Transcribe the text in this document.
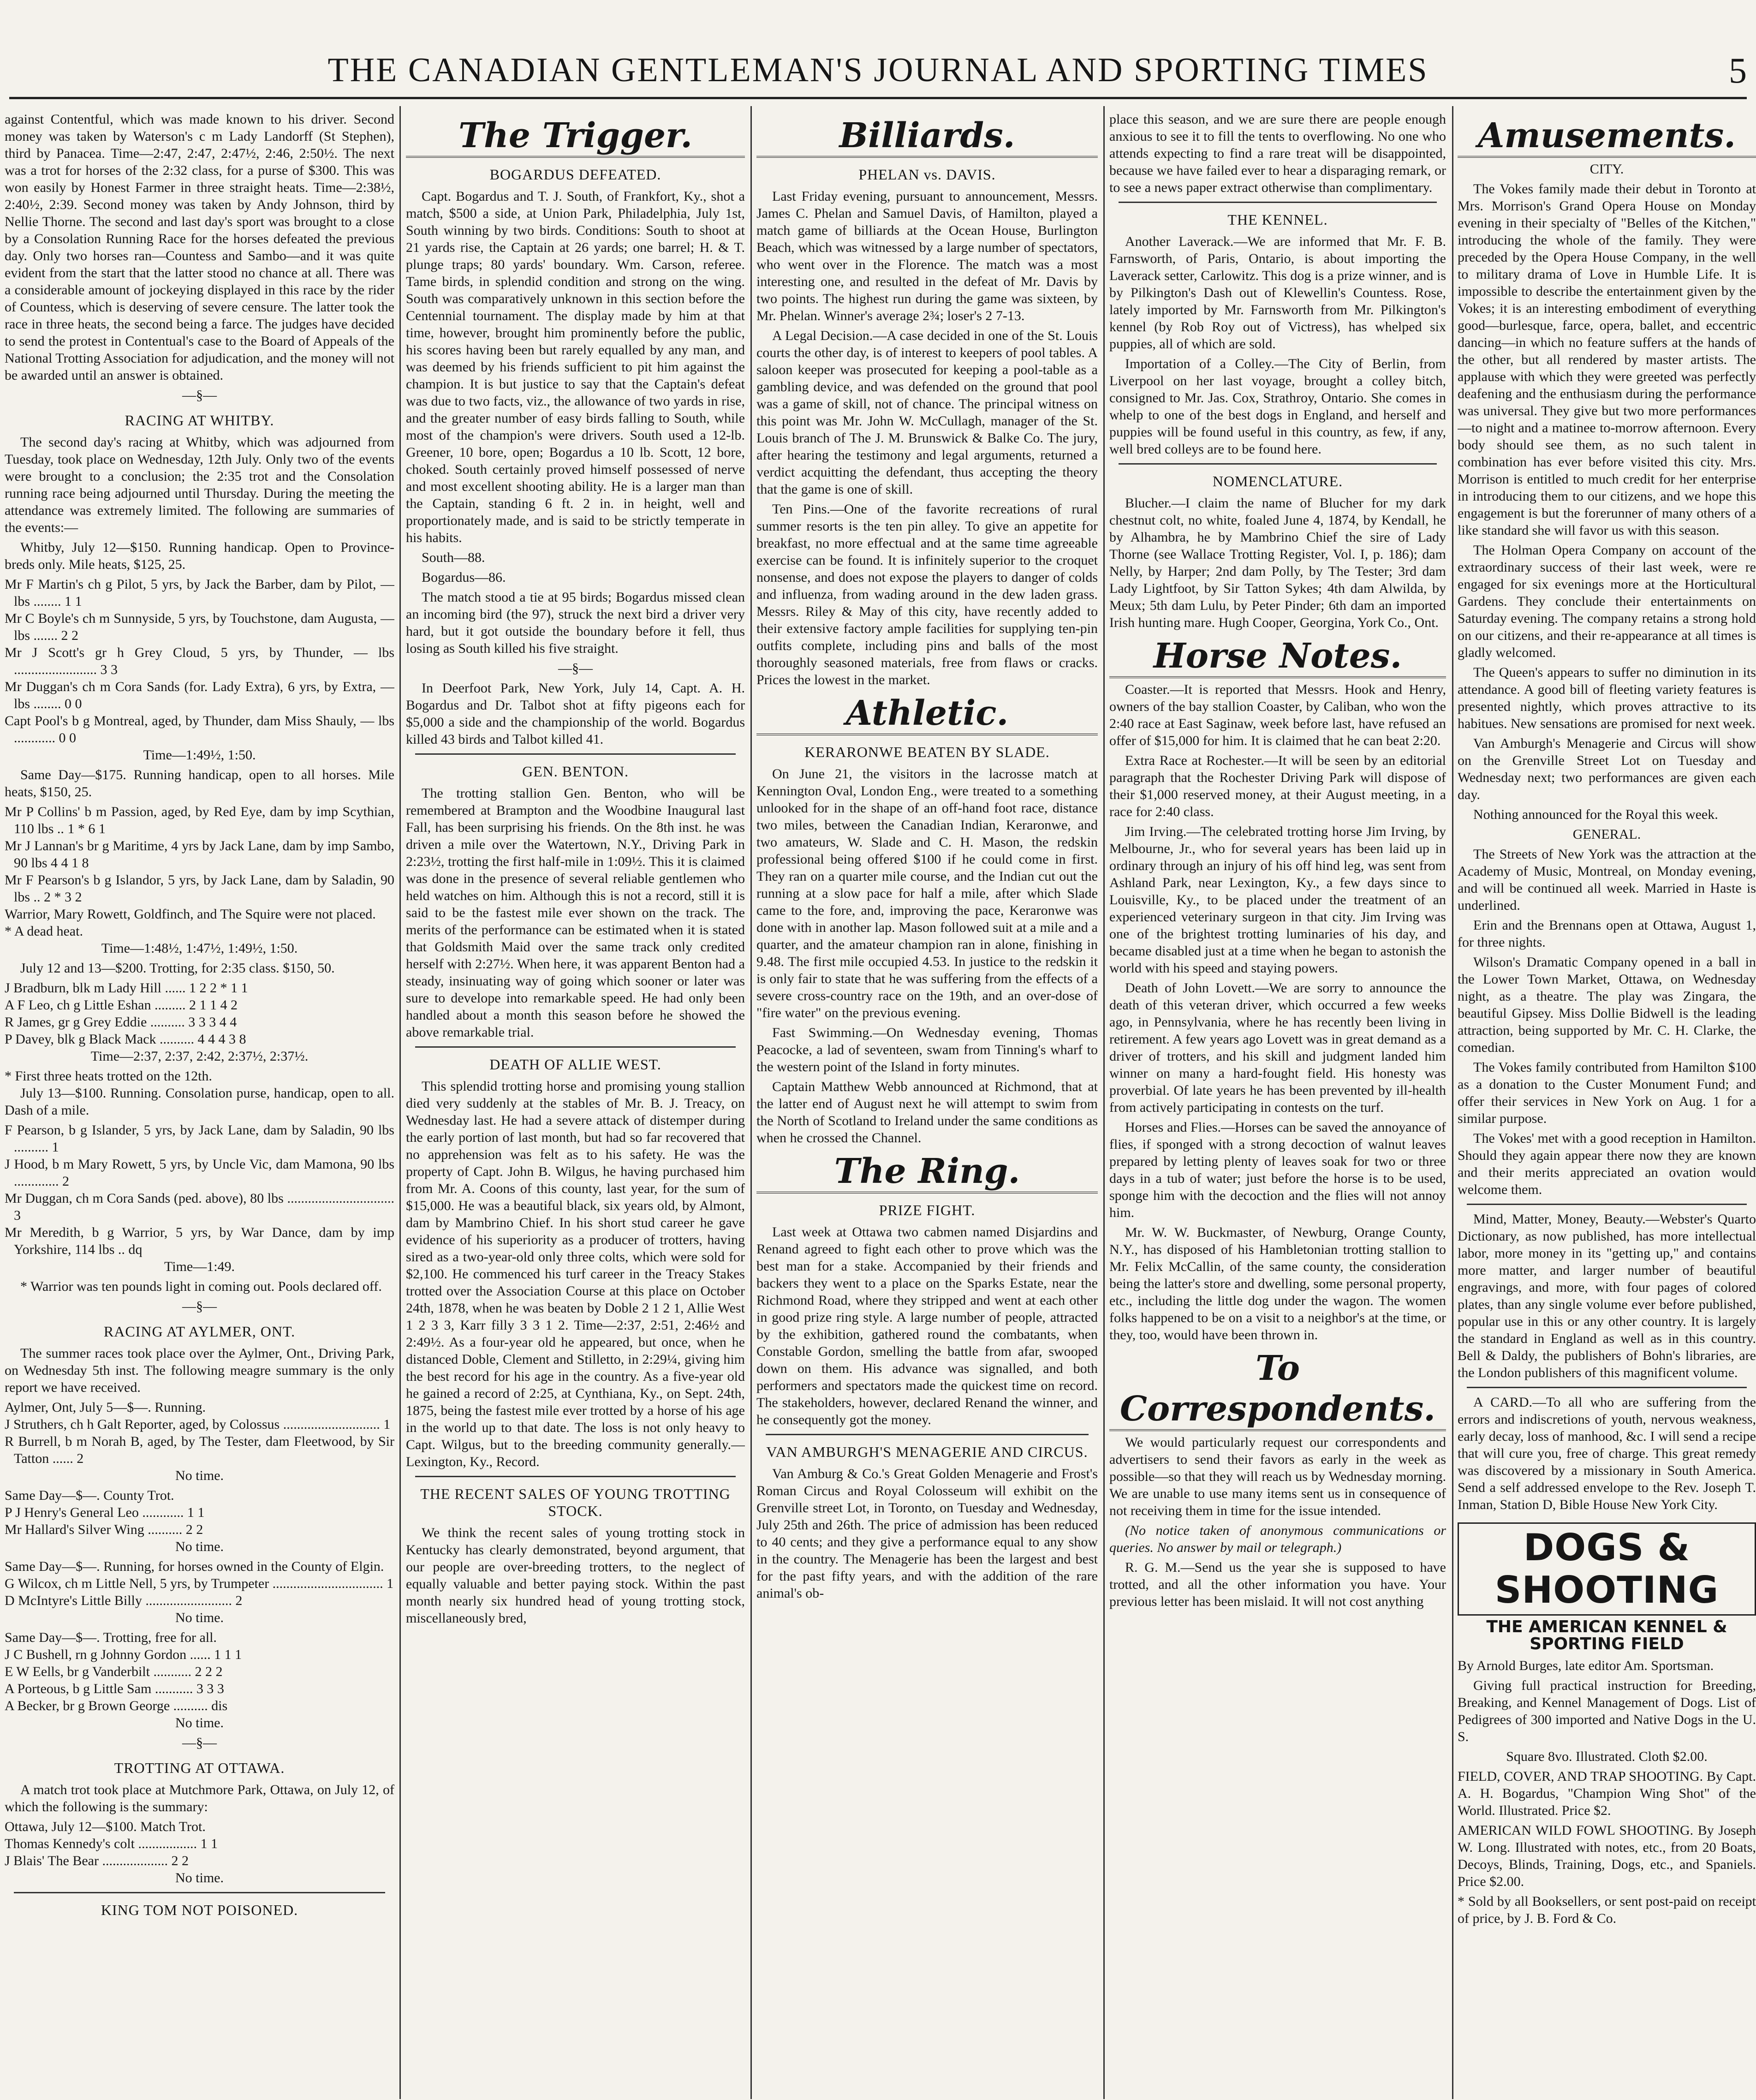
THE CANADIAN GENTLEMAN'S JOURNAL AND SPORTING TIMES	5

against Contentful, which was made known to his driver. Second money was taken by Waterson's c m Lady Landorff (St Stephen), third by Panacea. Time—2:47, 2:47, 2:47½, 2:46, 2:50½. The next was a trot for horses of the 2:32 class, for a purse of $300. This was won easily by Honest Farmer in three straight heats. Time—2:38½, 2:40½, 2:39. Second money was taken by Andy Johnson, third by Nellie Thorne. The second and last day's sport was brought to a close by a Consolation Running Race for the horses defeated the previous day. Only two horses ran—Countess and Sambo—and it was quite evident from the start that the latter stood no chance at all. There was a considerable amount of jockeying displayed in this race by the rider of Countess, which is deserving of severe censure. The latter took the race in three heats, the second being a farce. The judges have decided to send the protest in Contentual's case to the Board of Appeals of the National Trotting Association for adjudication, and the money will not be awarded until an answer is obtained.

—§—
RACING AT WHITBY.

The second day's racing at Whitby, which was adjourned from Tuesday, took place on Wednesday, 12th July. Only two of the events were brought to a conclusion; the 2:35 trot and the Consolation running race being adjourned until Thursday. During the meeting the attendance was extremely limited. The following are summaries of the events:—

Whitby, July 12—$150. Running handicap. Open to Province-breds only. Mile heats, $125, 25.

Mr F Martin's ch g Pilot, 5 yrs, by Jack the Barber, dam by Pilot, — lbs ........ 1 1

Mr C Boyle's ch m Sunnyside, 5 yrs, by Touchstone, dam Augusta, — lbs ....... 2 2

Mr J Scott's gr h Grey Cloud, 5 yrs, by Thunder, — lbs ........................ 3 3

Mr Duggan's ch m Cora Sands (for. Lady Extra), 6 yrs, by Extra, — lbs ........ 0 0

Capt Pool's b g Montreal, aged, by Thunder, dam Miss Shauly, — lbs ............ 0 0

Time—1:49½, 1:50.

Same Day—$175. Running handicap, open to all horses. Mile heats, $150, 25.

Mr P Collins' b m Passion, aged, by Red Eye, dam by imp Scythian, 110 lbs .. 1 * 6 1

Mr J Lannan's br g Maritime, 4 yrs by Jack Lane, dam by imp Sambo, 90 lbs 4 4 1 8

Mr F Pearson's b g Islandor, 5 yrs, by Jack Lane, dam by Saladin, 90 lbs .. 2 * 3 2

Warrior, Mary Rowett, Goldfinch, and The Squire were not placed.

* A dead heat.

Time—1:48½, 1:47½, 1:49½, 1:50.

July 12 and 13—$200. Trotting, for 2:35 class. $150, 50.

J Bradburn, blk m Lady Hill ...... 1 2 2 * 1 1

A F Leo, ch g Little Eshan ......... 2 1 1 4 2

R James, gr g Grey Eddie .......... 3 3 3 4 4

P Davey, blk g Black Mack .......... 4 4 4 3 8

Time—2:37, 2:37, 2:42, 2:37½, 2:37½.

* First three heats trotted on the 12th.

July 13—$100. Running. Consolation purse, handicap, open to all. Dash of a mile.

F Pearson, b g Islander, 5 yrs, by Jack Lane, dam by Saladin, 90 lbs .......... 1

J Hood, b m Mary Rowett, 5 yrs, by Uncle Vic, dam Mamona, 90 lbs ............. 2

Mr Duggan, ch m Cora Sands (ped. above), 80 lbs ............................... 3

Mr Meredith, b g Warrior, 5 yrs, by War Dance, dam by imp Yorkshire, 114 lbs .. dq

Time—1:49.

* Warrior was ten pounds light in coming out. Pools declared off.

—§—
RACING AT AYLMER, ONT.

The summer races took place over the Aylmer, Ont., Driving Park, on Wednesday 5th inst. The following meagre summary is the only report we have received.

Aylmer, Ont, July 5—$—. Running.

J Struthers, ch h Galt Reporter, aged, by Colossus ............................ 1

R Burrell, b m Norah B, aged, by The Tester, dam Fleetwood, by Sir Tatton ...... 2

No time.

Same Day—$—. County Trot.

P J Henry's General Leo ............ 1 1

Mr Hallard's Silver Wing .......... 2 2

No time.

Same Day—$—. Running, for horses owned in the County of Elgin.

G Wilcox, ch m Little Nell, 5 yrs, by Trumpeter ................................ 1

D McIntyre's Little Billy ......................... 2

No time.

Same Day—$—. Trotting, free for all.

J C Bushell, rn g Johnny Gordon ...... 1 1 1

E W Eells, br g Vanderbilt ........... 2 2 2

A Porteous, b g Little Sam ........... 3 3 3

A Becker, br g Brown George .......... dis

No time.

—§—
TROTTING AT OTTAWA.

A match trot took place at Mutchmore Park, Ottawa, on July 12, of which the following is the summary:

Ottawa, July 12—$100. Match Trot.

Thomas Kennedy's colt ................. 1 1

J Blais' The Bear ................... 2 2

No time.

KING TOM NOT POISONED.
The Trigger.
BOGARDUS DEFEATED.

Capt. Bogardus and T. J. South, of Frankfort, Ky., shot a match, $500 a side, at Union Park, Philadelphia, July 1st, South winning by two birds. Conditions: South to shoot at 21 yards rise, the Captain at 26 yards; one barrel; H. & T. plunge traps; 80 yards' boundary. Wm. Carson, referee. Tame birds, in splendid condition and strong on the wing. South was comparatively unknown in this section before the Centennial tournament. The display made by him at that time, however, brought him prominently before the public, his scores having been but rarely equalled by any man, and was deemed by his friends sufficient to pit him against the champion. It is but justice to say that the Captain's defeat was due to two facts, viz., the allowance of two yards in rise, and the greater number of easy birds falling to South, while most of the champion's were drivers. South used a 12-lb. Greener, 10 bore, open; Bogardus a 10 lb. Scott, 12 bore, choked. South certainly proved himself possessed of nerve and most excellent shooting ability. He is a larger man than the Captain, standing 6 ft. 2 in. in height, well and proportionately made, and is said to be strictly temperate in his habits.

South—88.

Bogardus—86.

The match stood a tie at 95 birds; Bogardus missed clean an incoming bird (the 97), struck the next bird a driver very hard, but it got outside the boundary before it fell, thus losing as South killed his five straight.

—§—

In Deerfoot Park, New York, July 14, Capt. A. H. Bogardus and Dr. Talbot shot at fifty pigeons each for $5,000 a side and the championship of the world. Bogardus killed 43 birds and Talbot killed 41.

GEN. BENTON.

The trotting stallion Gen. Benton, who will be remembered at Brampton and the Woodbine Inaugural last Fall, has been surprising his friends. On the 8th inst. he was driven a mile over the Watertown, N.Y., Driving Park in 2:23½, trotting the first half-mile in 1:09½. This it is claimed was done in the presence of several reliable gentlemen who held watches on him. Although this is not a record, still it is said to be the fastest mile ever shown on the track. The merits of the performance can be estimated when it is stated that Goldsmith Maid over the same track only credited herself with 2:27½. When here, it was apparent Benton had a steady, insinuating way of going which sooner or later was sure to develope into remarkable speed. He had only been handled about a month this season before he showed the above remarkable trial.

DEATH OF ALLIE WEST.

This splendid trotting horse and promising young stallion died very suddenly at the stables of Mr. B. J. Treacy, on Wednesday last. He had a severe attack of distemper during the early portion of last month, but had so far recovered that no apprehension was felt as to his safety. He was the property of Capt. John B. Wilgus, he having purchased him from Mr. A. Coons of this county, last year, for the sum of $15,000. He was a beautiful black, six years old, by Almont, dam by Mambrino Chief. In his short stud career he gave evidence of his superiority as a producer of trotters, having sired as a two-year-old only three colts, which were sold for $2,100. He commenced his turf career in the Treacy Stakes trotted over the Association Course at this place on October 24th, 1878, when he was beaten by Doble 2 1 2 1, Allie West 1 2 3 3, Karr filly 3 3 1 2. Time—2:37, 2:51, 2:46½ and 2:49½. As a four-year old he appeared, but once, when he distanced Doble, Clement and Stilletto, in 2:29¼, giving him the best record for his age in the country. As a five-year old he gained a record of 2:25, at Cynthiana, Ky., on Sept. 24th, 1875, being the fastest mile ever trotted by a horse of his age in the world up to that date. The loss is not only heavy to Capt. Wilgus, but to the breeding community generally.—Lexington, Ky., Record.

THE RECENT SALES OF YOUNG TROTTING STOCK.

We think the recent sales of young trotting stock in Kentucky has clearly demonstrated, beyond argument, that our people are over-breeding trotters, to the neglect of equally valuable and better paying stock. Within the past month nearly six hundred head of young trotting stock, miscellaneously bred,

Billiards.
PHELAN vs. DAVIS.

Last Friday evening, pursuant to announcement, Messrs. James C. Phelan and Samuel Davis, of Hamilton, played a match game of billiards at the Ocean House, Burlington Beach, which was witnessed by a large number of spectators, who went over in the Florence. The match was a most interesting one, and resulted in the defeat of Mr. Davis by two points. The highest run during the game was sixteen, by Mr. Phelan. Winner's average 2¾; loser's 2 7-13.

A Legal Decision.—A case decided in one of the St. Louis courts the other day, is of interest to keepers of pool tables. A saloon keeper was prosecuted for keeping a pool-table as a gambling device, and was defended on the ground that pool was a game of skill, not of chance. The principal witness on this point was Mr. John W. McCullagh, manager of the St. Louis branch of The J. M. Brunswick & Balke Co. The jury, after hearing the testimony and legal arguments, returned a verdict acquitting the defendant, thus accepting the theory that the game is one of skill.

Ten Pins.—One of the favorite recreations of rural summer resorts is the ten pin alley. To give an appetite for breakfast, no more effectual and at the same time agreeable exercise can be found. It is infinitely superior to the croquet nonsense, and does not expose the players to danger of colds and influenza, from wading around in the dew laden grass. Messrs. Riley & May of this city, have recently added to their extensive factory ample facilities for supplying ten-pin outfits complete, including pins and balls of the most thoroughly seasoned materials, free from flaws or cracks. Prices the lowest in the market.

Athletic.
KERARONWE BEATEN BY SLADE.

On June 21, the visitors in the lacrosse match at Kennington Oval, London Eng., were treated to a something unlooked for in the shape of an off-hand foot race, distance two miles, between the Canadian Indian, Keraronwe, and two amateurs, W. Slade and C. H. Mason, the redskin professional being offered $100 if he could come in first. They ran on a quarter mile course, and the Indian cut out the running at a slow pace for half a mile, after which Slade came to the fore, and, improving the pace, Keraronwe was done with in another lap. Mason followed suit at a mile and a quarter, and the amateur champion ran in alone, finishing in 9.48. The first mile occupied 4.53. In justice to the redskin it is only fair to state that he was suffering from the effects of a severe cross-country race on the 19th, and an over-dose of "fire water" on the previous evening.

Fast Swimming.—On Wednesday evening, Thomas Peacocke, a lad of seventeen, swam from Tinning's wharf to the western point of the Island in forty minutes.

Captain Matthew Webb announced at Richmond, that at the latter end of August next he will attempt to swim from the North of Scotland to Ireland under the same conditions as when he crossed the Channel.

The Ring.
PRIZE FIGHT.

Last week at Ottawa two cabmen named Disjardins and Renand agreed to fight each other to prove which was the best man for a stake. Accompanied by their friends and backers they went to a place on the Sparks Estate, near the Richmond Road, where they stripped and went at each other in good prize ring style. A large number of people, attracted by the exhibition, gathered round the combatants, when Constable Gordon, smelling the battle from afar, swooped down on them. His advance was signalled, and both performers and spectators made the quickest time on record. The stakeholders, however, declared Renand the winner, and he consequently got the money.

VAN AMBURGH'S MENAGERIE AND CIRCUS.

Van Amburg & Co.'s Great Golden Menagerie and Frost's Roman Circus and Royal Colosseum will exhibit on the Grenville street Lot, in Toronto, on Tuesday and Wednesday, July 25th and 26th. The price of admission has been reduced to 40 cents; and they give a performance equal to any show in the country. The Menagerie has been the largest and best for the past fifty years, and with the addition of the rare animal's ob-

place this season, and we are sure there are people enough anxious to see it to fill the tents to overflowing. No one who attends expecting to find a rare treat will be disappointed, because we have failed ever to hear a disparaging remark, or to see a news paper extract otherwise than complimentary.

THE KENNEL.

Another Laverack.—We are informed that Mr. F. B. Farnsworth, of Paris, Ontario, is about importing the Laverack setter, Carlowitz. This dog is a prize winner, and is by Pilkington's Dash out of Klewellin's Countess. Rose, lately imported by Mr. Farnsworth from Mr. Pilkington's kennel (by Rob Roy out of Victress), has whelped six puppies, all of which are sold.

Importation of a Colley.—The City of Berlin, from Liverpool on her last voyage, brought a colley bitch, consigned to Mr. Jas. Cox, Strathroy, Ontario. She comes in whelp to one of the best dogs in England, and herself and puppies will be found useful in this country, as few, if any, well bred colleys are to be found here.

NOMENCLATURE.

Blucher.—I claim the name of Blucher for my dark chestnut colt, no white, foaled June 4, 1874, by Kendall, he by Alhambra, he by Mambrino Chief the sire of Lady Thorne (see Wallace Trotting Register, Vol. I, p. 186); dam Nelly, by Harper; 2nd dam Polly, by The Tester; 3rd dam Lady Lightfoot, by Sir Tatton Sykes; 4th dam Alwilda, by Meux; 5th dam Lulu, by Peter Pinder; 6th dam an imported Irish hunting mare. Hugh Cooper, Georgina, York Co., Ont.

Horse Notes.

Coaster.—It is reported that Messrs. Hook and Henry, owners of the bay stallion Coaster, by Caliban, who won the 2:40 race at East Saginaw, week before last, have refused an offer of $15,000 for him. It is claimed that he can beat 2:20.

Extra Race at Rochester.—It will be seen by an editorial paragraph that the Rochester Driving Park will dispose of their $1,000 reserved money, at their August meeting, in a race for 2:40 class.

Jim Irving.—The celebrated trotting horse Jim Irving, by Melbourne, Jr., who for several years has been laid up in ordinary through an injury of his off hind leg, was sent from Ashland Park, near Lexington, Ky., a few days since to Louisville, Ky., to be placed under the treatment of an experienced veterinary surgeon in that city. Jim Irving was one of the brightest trotting luminaries of his day, and became disabled just at a time when he began to astonish the world with his speed and staying powers.

Death of John Lovett.—We are sorry to announce the death of this veteran driver, which occurred a few weeks ago, in Pennsylvania, where he has recently been living in retirement. A few years ago Lovett was in great demand as a driver of trotters, and his skill and judgment landed him winner on many a hard-fought field. His honesty was proverbial. Of late years he has been prevented by ill-health from actively participating in contests on the turf.

Horses and Flies.—Horses can be saved the annoyance of flies, if sponged with a strong decoction of walnut leaves prepared by letting plenty of leaves soak for two or three days in a tub of water; just before the horse is to be used, sponge him with the decoction and the flies will not annoy him.

Mr. W. W. Buckmaster, of Newburg, Orange County, N.Y., has disposed of his Hambletonian trotting stallion to Mr. Felix McCallin, of the same county, the consideration being the latter's store and dwelling, some personal property, etc., including the little dog under the wagon. The women folks happened to be on a visit to a neighbor's at the time, or they, too, would have been thrown in.

To Correspondents.

We would particularly request our correspondents and advertisers to send their favors as early in the week as possible—so that they will reach us by Wednesday morning. We are unable to use many items sent us in consequence of not receiving them in time for the issue intended.

(No notice taken of anonymous communications or queries. No answer by mail or telegraph.)

R. G. M.—Send us the year she is supposed to have trotted, and all the other information you have. Your previous letter has been mislaid. It will not cost anything

Amusements.

CITY.

The Vokes family made their debut in Toronto at Mrs. Morrison's Grand Opera House on Monday evening in their specialty of "Belles of the Kitchen," introducing the whole of the family. They were preceded by the Opera House Company, in the well to military drama of Love in Humble Life. It is impossible to describe the entertainment given by the Vokes; it is an interesting embodiment of everything good—burlesque, farce, opera, ballet, and eccentric dancing—in which no feature suffers at the hands of the other, but all rendered by master artists. The applause with which they were greeted was perfectly deafening and the enthusiasm during the performance was universal. They give but two more performances—to night and a matinee to-morrow afternoon. Every body should see them, as no such talent in combination has ever before visited this city. Mrs. Morrison is entitled to much credit for her enterprise in introducing them to our citizens, and we hope this engagement is but the forerunner of many others of a like standard she will favor us with this season.

The Holman Opera Company on account of the extraordinary success of their last week, were re engaged for six evenings more at the Horticultural Gardens. They conclude their entertainments on Saturday evening. The company retains a strong hold on our citizens, and their re-appearance at all times is gladly welcomed.

The Queen's appears to suffer no diminution in its attendance. A good bill of fleeting variety features is presented nightly, which proves attractive to its habitues. New sensations are promised for next week.

Van Amburgh's Menagerie and Circus will show on the Grenville Street Lot on Tuesday and Wednesday next; two performances are given each day.

Nothing announced for the Royal this week.

GENERAL.

The Streets of New York was the attraction at the Academy of Music, Montreal, on Monday evening, and will be continued all week. Married in Haste is underlined.

Erin and the Brennans open at Ottawa, August 1, for three nights.

Wilson's Dramatic Company opened in a ball in the Lower Town Market, Ottawa, on Wednesday night, as a theatre. The play was Zingara, the beautiful Gipsey. Miss Dollie Bidwell is the leading attraction, being supported by Mr. C. H. Clarke, the comedian.

The Vokes family contributed from Hamilton $100 as a donation to the Custer Monument Fund; and offer their services in New York on Aug. 1 for a similar purpose.

The Vokes' met with a good reception in Hamilton. Should they again appear there now they are known and their merits appreciated an ovation would welcome them.

Mind, Matter, Money, Beauty.—Webster's Quarto Dictionary, as now published, has more intellectual labor, more money in its "getting up," and contains more matter, and larger number of beautiful engravings, and more, with four pages of colored plates, than any single volume ever before published, popular use in this or any other country. It is largely the standard in England as well as in this country. Bell & Daldy, the publishers of Bohn's libraries, are the London publishers of this magnificent volume.

A CARD.—To all who are suffering from the errors and indiscretions of youth, nervous weakness, early decay, loss of manhood, &c. I will send a recipe that will cure you, free of charge. This great remedy was discovered by a missionary in South America. Send a self addressed envelope to the Rev. Joseph T. Inman, Station D, Bible House New York City.

DOGS & SHOOTING
THE AMERICAN KENNEL & SPORTING FIELD

By Arnold Burges, late editor Am. Sportsman.

Giving full practical instruction for Breeding, Breaking, and Kennel Management of Dogs. List of Pedigrees of 300 imported and Native Dogs in the U. S.

Square 8vo. Illustrated. Cloth $2.00.

FIELD, COVER, AND TRAP SHOOTING. By Capt. A. H. Bogardus, "Champion Wing Shot" of the World. Illustrated. Price $2.

AMERICAN WILD FOWL SHOOTING. By Joseph W. Long. Illustrated with notes, etc., from 20 Boats, Decoys, Blinds, Training, Dogs, etc., and Spaniels. Price $2.00.

* Sold by all Booksellers, or sent post-paid on receipt of price, by J. B. Ford & Co.
